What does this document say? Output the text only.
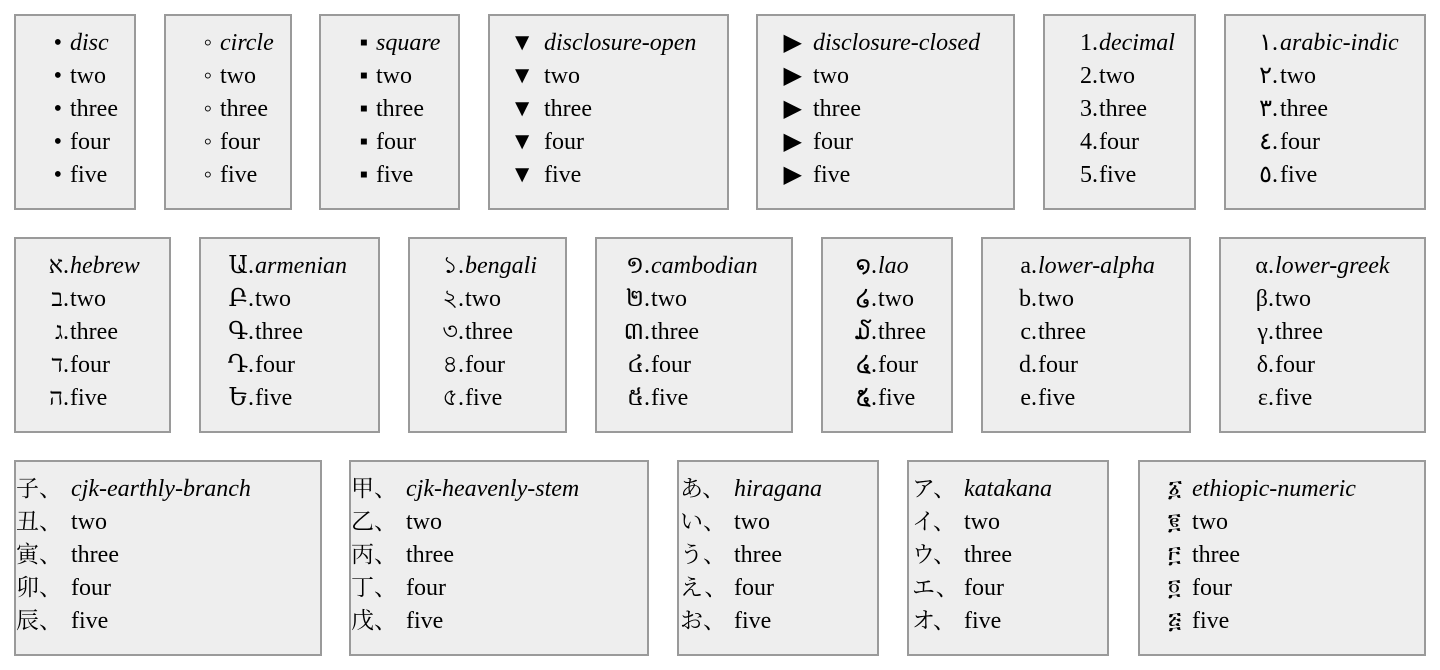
• disc
• two
• three
• four
• five
◦ circle
◦ two
◦ three
◦ four
◦ five
▪ square
▪ two
▪ three
▪ four
▪ five
▼ disclosure-open
▼ two
▼ three
▼ four
▼ five
▶ disclosure-closed
▶ two
▶ three
▶ four
▶ five
1.decimal
2.two
3.three
4.four
5.five
١.arabic-indic
٢.two
٣.three
٤.four
٥.five
א.hebrew
ב.two
ג.three
ד.four
ה.five
Ա.armenian
Բ.two
Գ.three
Դ.four
Ե.five
১.bengali
২.two
৩.three
৪.four
৫.five
១.cambodian
២.two
៣.three
៤.four
៥.five
໑.lao
໒.two
໓.three
໔.four
໕.five
a.lower-alpha
b.two
c.three
d.four
e.five
α.lower-greek
β.two
γ.three
δ.four
ε.five
子、 cjk-earthly-branch
丑、 two
寅、 three
卯、 four
辰、 five
甲、 cjk-heavenly-stem
乙、 two
丙、 three
丁、 four
戊、 five
あ、 hiragana
い、 two
う、 three
え、 four
お、 five
ア、 katakana
イ、 two
ウ、 three
エ、 four
オ、 five
፩ ethiopic-numeric
፪ two
፫ three
፬ four
፭ five
